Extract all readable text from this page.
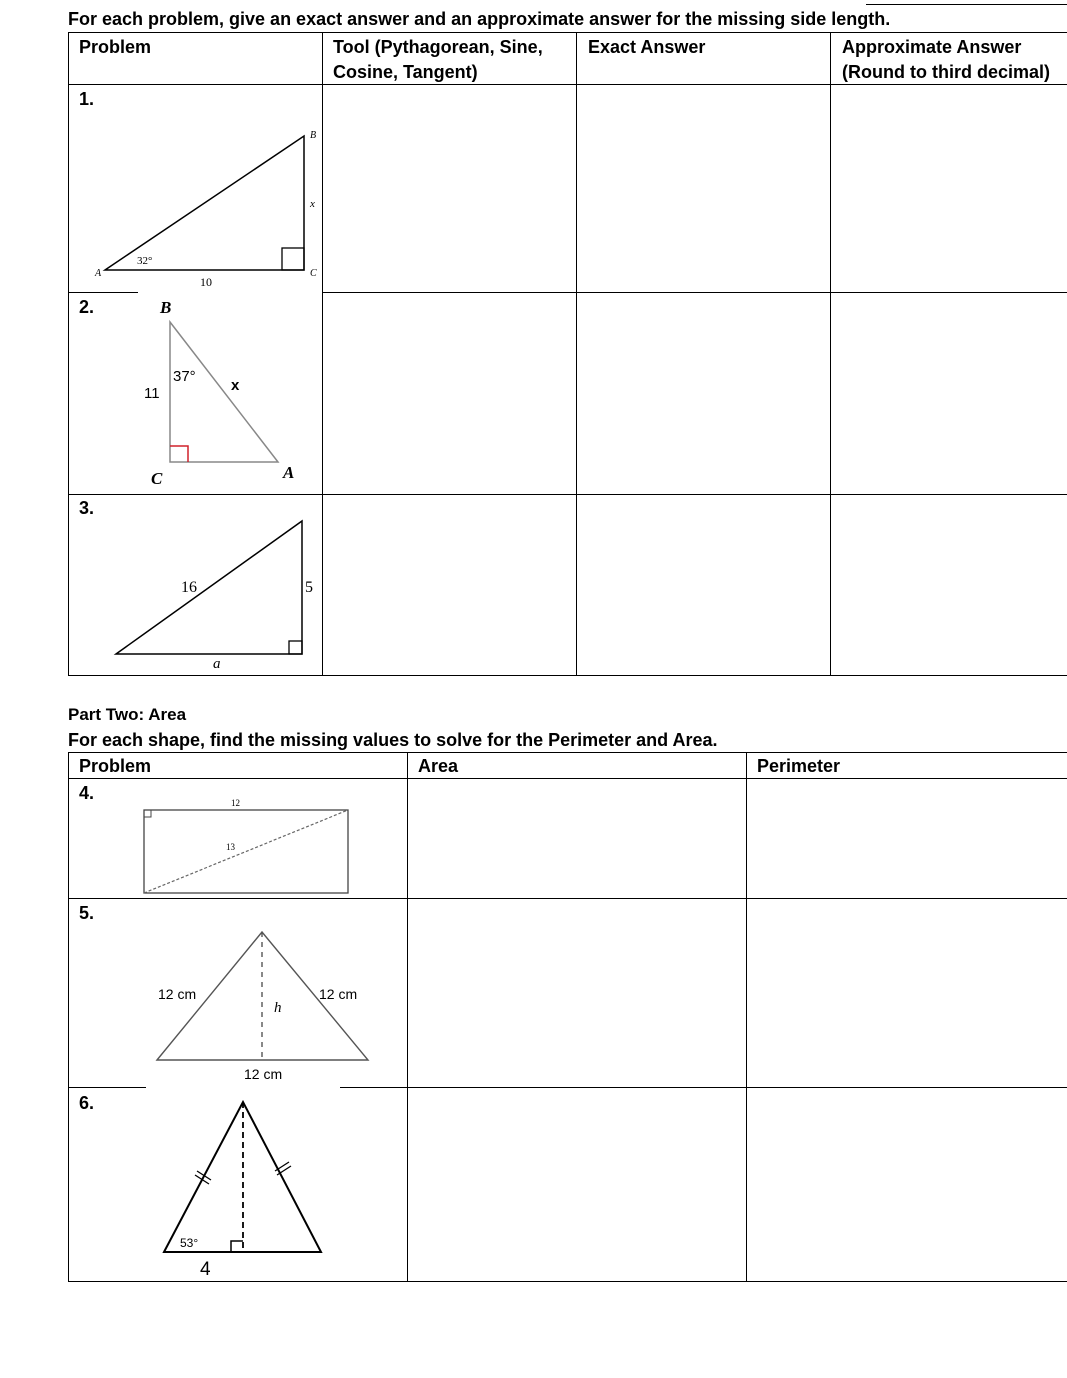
For each problem, give an exact answer and an approximate answer for the missing side length.
Problem	Tool (Pythagorean, Sine,
Cosine, Tangent)
Exact Answer	Approximate Answer
(Round to third decimal)
1.
2.
3.
B
A	C
32°
10
x
B
C	A
37°
11	x
16	5
a
Part Two: Area
For each shape, find the missing values to solve for the Perimeter and Area.
Problem	Area	Perimeter
4.
5.
6.
12
13
12 cm	12 cm
12 cm
h
53°
4
